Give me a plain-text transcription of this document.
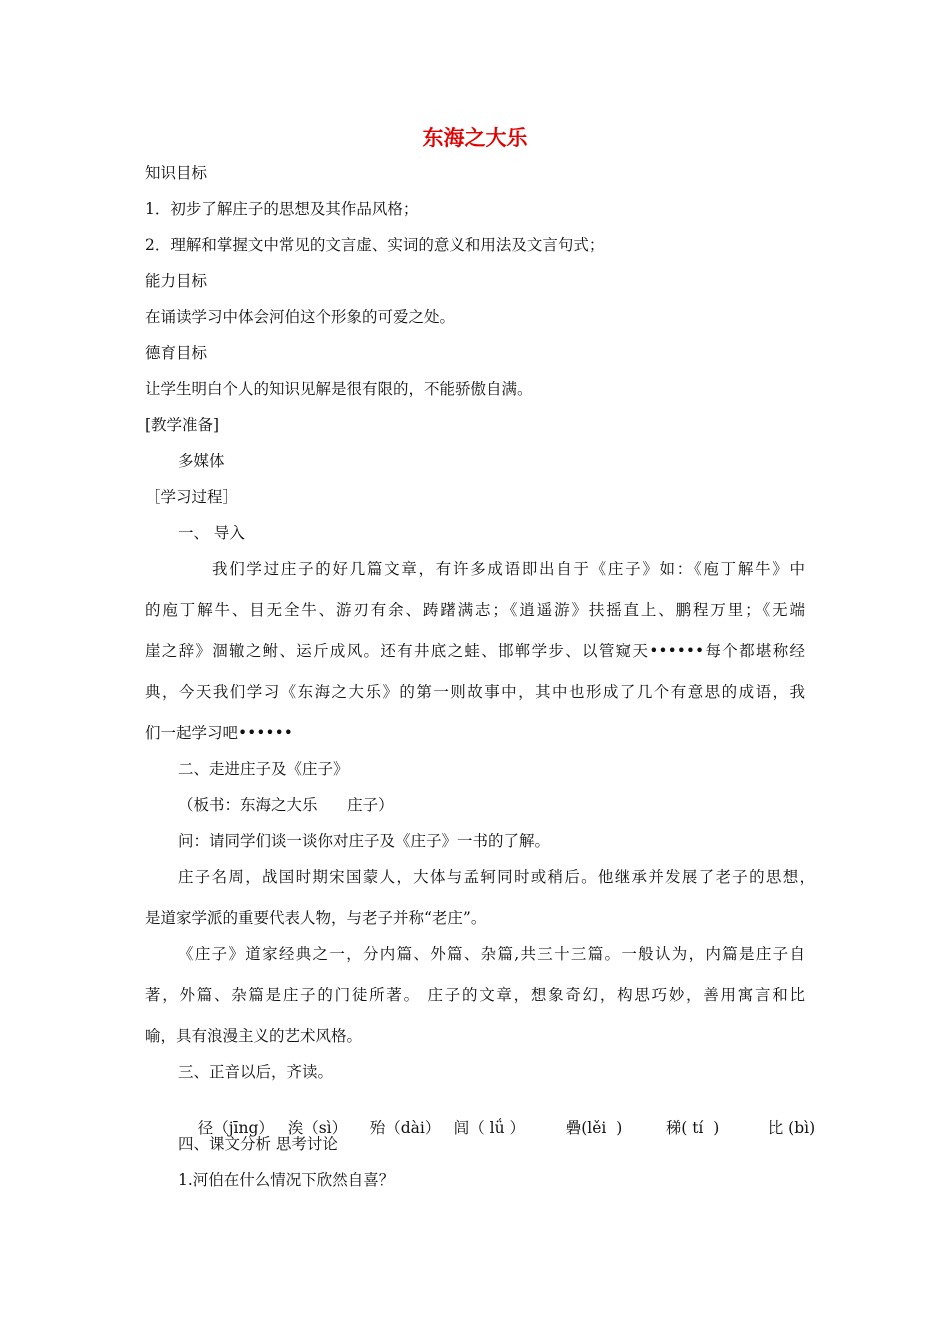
东海之大乐
知识目标
1．初步了解庄子的思想及其作品风格；
2．理解和掌握文中常见的文言虚、实词的意义和用法及文言句式；
能力目标
在诵读学习中体会河伯这个形象的可爱之处。
德育目标
让学生明白个人的知识见解是很有限的，不能骄傲自满。
[教学准备]
多媒体
［学习过程］
一、 导入
我们学过庄子的好几篇文章，有许多成语即出自于《庄子》如：《庖丁解牛》中
的庖丁解牛、目无全牛、游刃有余、踌躇满志；《逍遥游》扶摇直上、鹏程万里；《无端
崖之辞》涸辙之鲋、运斤成风。还有井底之蛙、邯郸学步、以管窥天••••••每个都堪称经
典，今天我们学习《东海之大乐》的第一则故事中，其中也形成了几个有意思的成语，我
们一起学习吧••••••
二、走进庄子及《庄子》
（板书：东海之大乐      庄子）
问：请同学们谈一谈你对庄子及《庄子》一书的了解。
庄子名周，战国时期宋国蒙人，大体与孟轲同时或稍后。他继承并发展了老子的思想，
是道家学派的重要代表人物，与老子并称“老庄”。
《庄子》道家经典之一，分内篇、外篇、杂篇,共三十三篇。一般认为，内篇是庄子自
著，外篇、杂篇是庄子的门徒所著。 庄子的文章，想象奇幻，构思巧妙，善用寓言和比
喻，具有浪漫主义的艺术风格。
三、正音以后，齐读。

径（jīng） 涘（sì） 殆（dài） 闾（ lǘ ）	礨(lěi  )	稊( tí  )	比 (bì)

四、课文分析 思考讨论
1.河伯在什么情况下欣然自喜？
